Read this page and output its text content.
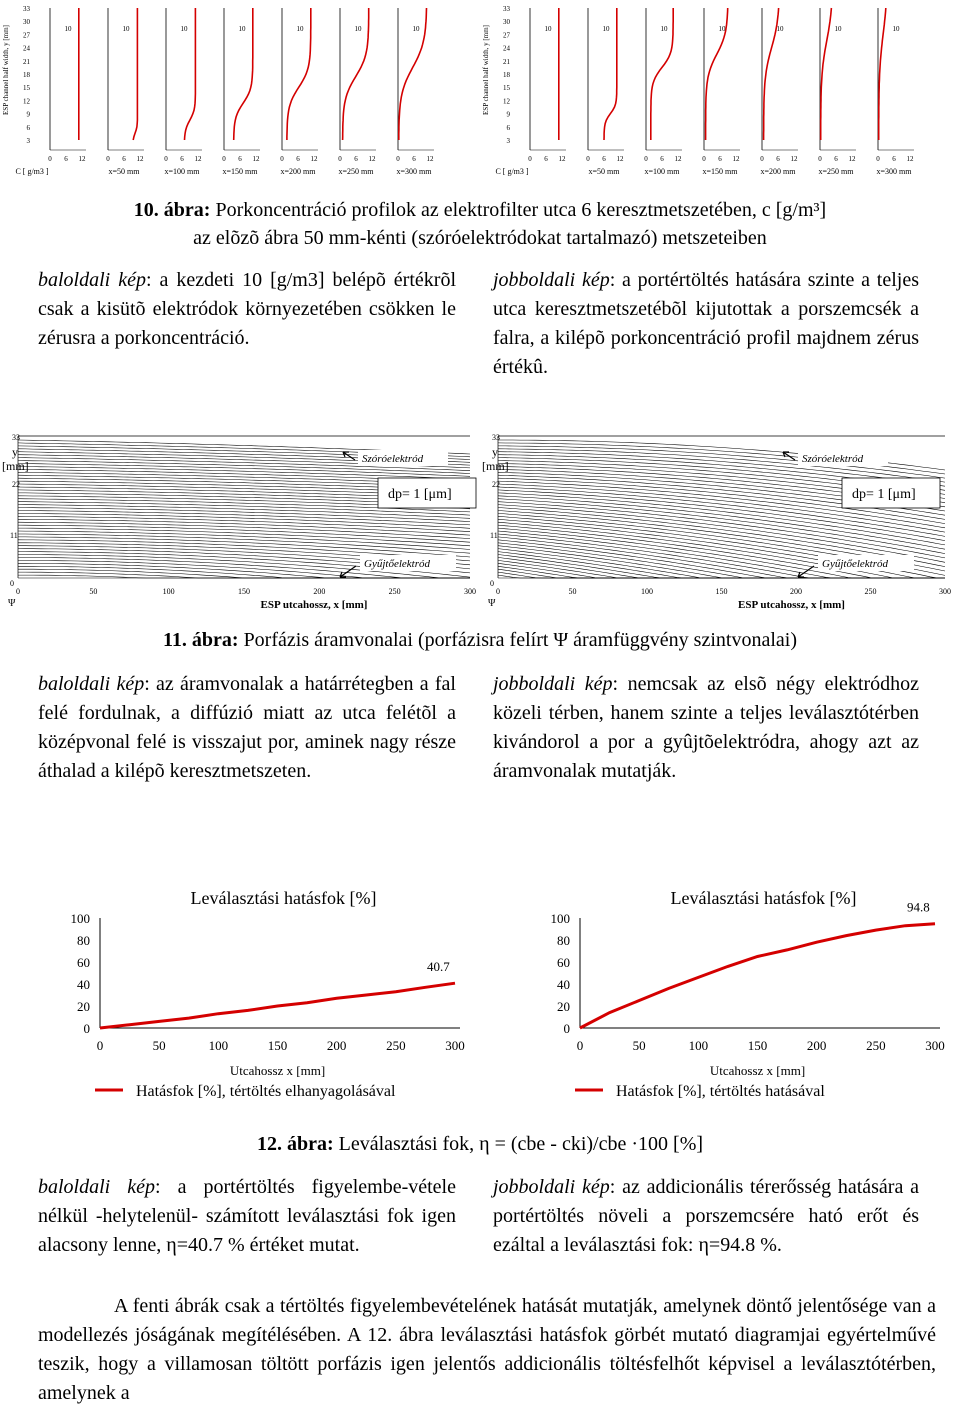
ESP channel half width, y [mm]
33
30
27
24
21
18
15
12
9
6
3
0 6 12
10
C [ g/m3 ]
0 6 12
10
x=50 mm
0 6 12
10
x=100 mm
0 6 12
10
x=150 mm
0 6 12
10
x=200 mm
0 6 12
10
x=250 mm
0 6 12
10
x=300 mm
ESP channel half width, y [mm]
33
30
27
24
21
18
15
12
9
6
3
0 6 12
10
C [ g/m3 ]
0 6 12
10
x=50 mm
0 6 12
10
x=100 mm
0 6 12
10
x=150 mm
0 6 12
10
x=200 mm
0 6 12
10
x=250 mm
0 6 12
10
x=300 mm
10. ábra: Porkoncentráció profilok az elektrofilter utca 6 keresztmetszetében, c [g/m³]
az elõzõ ábra 50 mm-kénti (szóróelektródokat tartalmazó) metszeteiben
baloldali kép: a kezdeti 10 [g/m3] belépõ értékrõl csak a kisütõ elektródok környezetében csökken le zérusra a porkoncentráció.
jobboldali kép: a portértöltés hatására szinte a teljes utca keresztmetszetébõl kijutottak a porszemcsék a falra, a kilépõ porkoncentráció profil majdnem zérus értékû.
33
y
[mm]
22
11
0
Ψ
0	50	100	150	200	250	300
ESP utcahossz, x [mm]
Szóróelektród
dp= 1 [μm]
Gyűjtőelektród
33
y
[mm]
22
11
0
Ψ
0	50	100	150	200	250	300
ESP utcahossz, x [mm]
Szóróelektród
dp= 1 [μm]
Gyűjtőelektród
11. ábra: Porfázis áramvonalai (porfázisra felírt Ψ áramfüggvény szintvonalai)
baloldali kép: az áramvonalak a határrétegben a fal felé fordulnak, a diffúzió miatt az utca felétõl a középvonal felé is visszajut por, aminek nagy része áthalad a kilépõ keresztmetszeten.
jobboldali kép: nemcsak az elsõ négy elektródhoz közeli térben, hanem szinte a teljes leválasztótérben kivándorol a por a gyûjtõelektródra, ahogy azt az áramvonalak mutatják.
Leválasztási hatásfok [%]
0
20
40
60
80
100
0	50	100	150	200	250	300
Utcahossz x [mm]
40.7
Hatásfok [%], tértöltés elhanyagolásával
Leválasztási hatásfok [%]
0
20
40
60
80
100
0	50	100	150	200	250	300
Utcahossz x [mm]
94.8
Hatásfok [%], tértöltés hatásával
12. ábra: Leválasztási fok, η = (cbe - cki)/cbe ·100 [%]
baloldali kép: a portértöltés figyelembe-vétele nélkül -helytelenül- számított leválasztási fok igen alacsony lenne, η=40.7 % értéket mutat.
jobboldali kép: az addicionális térerősség hatására a portértöltés növeli a porszemcsére ható erőt és ezáltal a leválasztási fok: η=94.8 %.
A fenti ábrák csak a tértöltés figyelembevételének hatását mutatják, amelynek döntő jelentősége van a modellezés jóságának megítélésében. A 12. ábra leválasztási hatásfok görbét mutató diagramjai egyértelművé teszik, hogy a villamosan töltött porfázis igen jelentős addicionális töltésfelhőt képvisel a leválasztótérben, amelynek a
